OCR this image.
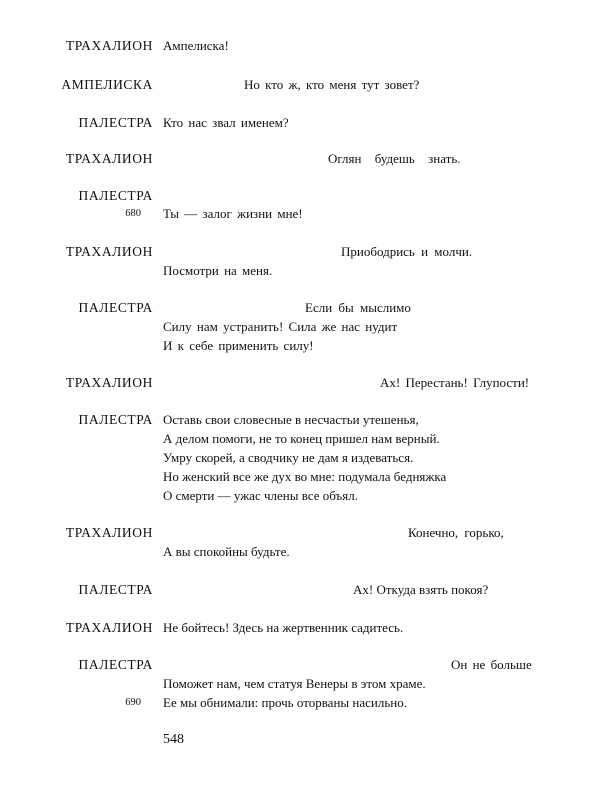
ТРАХАЛИОН Ампелиска!
АМПЕЛИСКА	Но кто ж, кто меня тут зовет?
ПАЛЕСТРА Кто нас звал именем?
ТРАХАЛИОН	Оглян будешь знать.
ПАЛЕСТРА
680 Ты — залог жизни мне!
ТРАХАЛИОН	Приободрись и молчи.
Посмотри на меня.
ПАЛЕСТРА	Если бы мыслимо
Силу нам устранить! Сила же нас нудит
И к себе применить силу!
ТРАХАЛИОН	Ах! Перестань! Глупости!
ПАЛЕСТРА Оставь свои словесные в несчастьи утешенья,
А делом помоги, не то конец пришел нам верный.
Умру скорей, а сводчику не дам я издеваться.
Но женский все же дух во мне: подумала бедняжка
О смерти — ужас члены все объял.
ТРАХАЛИОН	Конечно, горько,
А вы спокойны будьте.
ПАЛЕСТРА	Ах! Откуда взять покоя?
ТРАХАЛИОН Не бойтесь! Здесь на жертвенник садитесь.
ПАЛЕСТРА	Он не больше
Поможет нам, чем статуя Венеры в этом храме.
690 Ее мы обнимали: прочь оторваны насильно.
548
